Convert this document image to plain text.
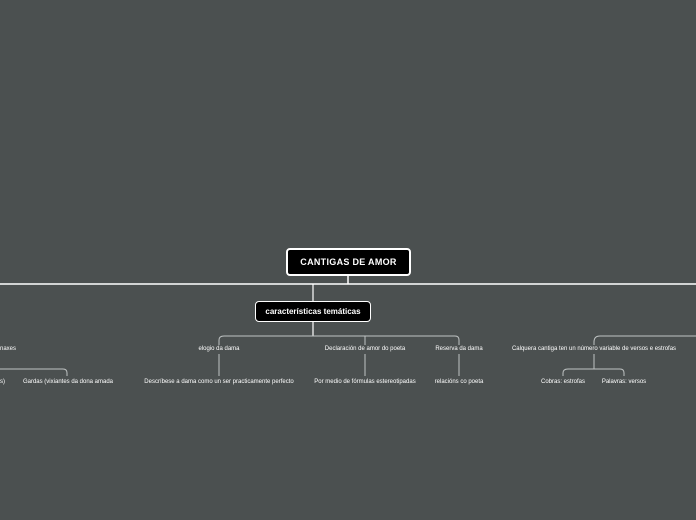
CANTIGAS DE AMOR
características temáticas
naxes	elogio da dama	Declaración de amor do poeta	Reserva da dama	Calquera cantiga ten un número variable de versos e estrofas
s)	Gardas (vixiantes da dona amada	Descríbese a dama como un ser practicamente perfecto	Por medio de fórmulas estereotipadas	relacións co poeta	Cobras: estrofas	Palavras: versos
